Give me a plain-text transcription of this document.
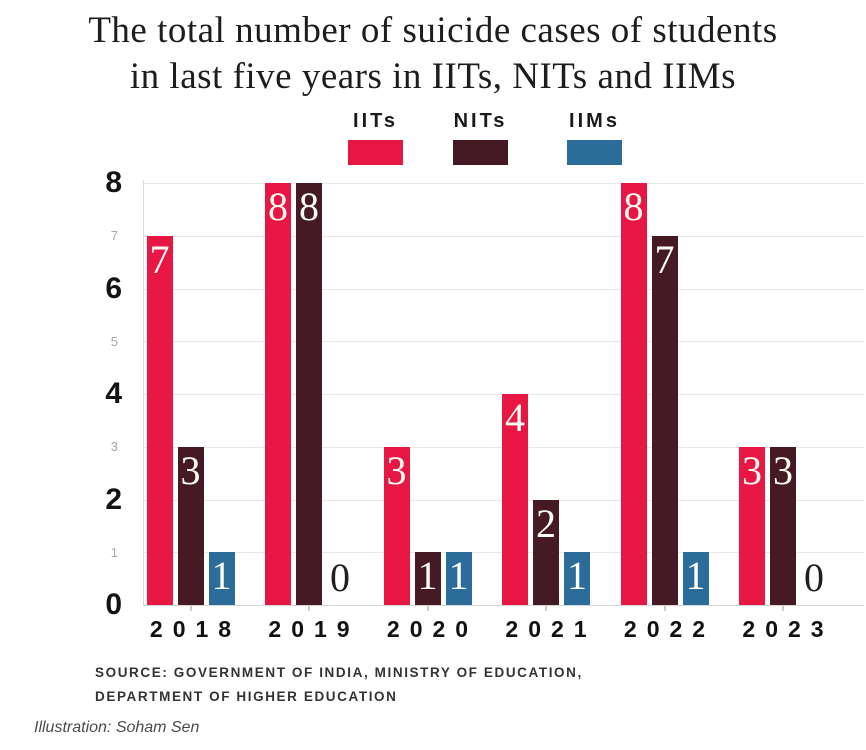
The total number of suicide cases of students
in last five years in IITs, NITs and IIMs
IITs	NITs	IIMs
0
1
2
3
4
5
6
7
8
7
3
1
2018
8 8
0
2019
3
1 1
2020
4
2
1
2021
8
7
1
2022
3 3
0
2023
SOURCE: GOVERNMENT OF INDIA, MINISTRY OF EDUCATION,
DEPARTMENT OF HIGHER EDUCATION
Illustration: Soham Sen
